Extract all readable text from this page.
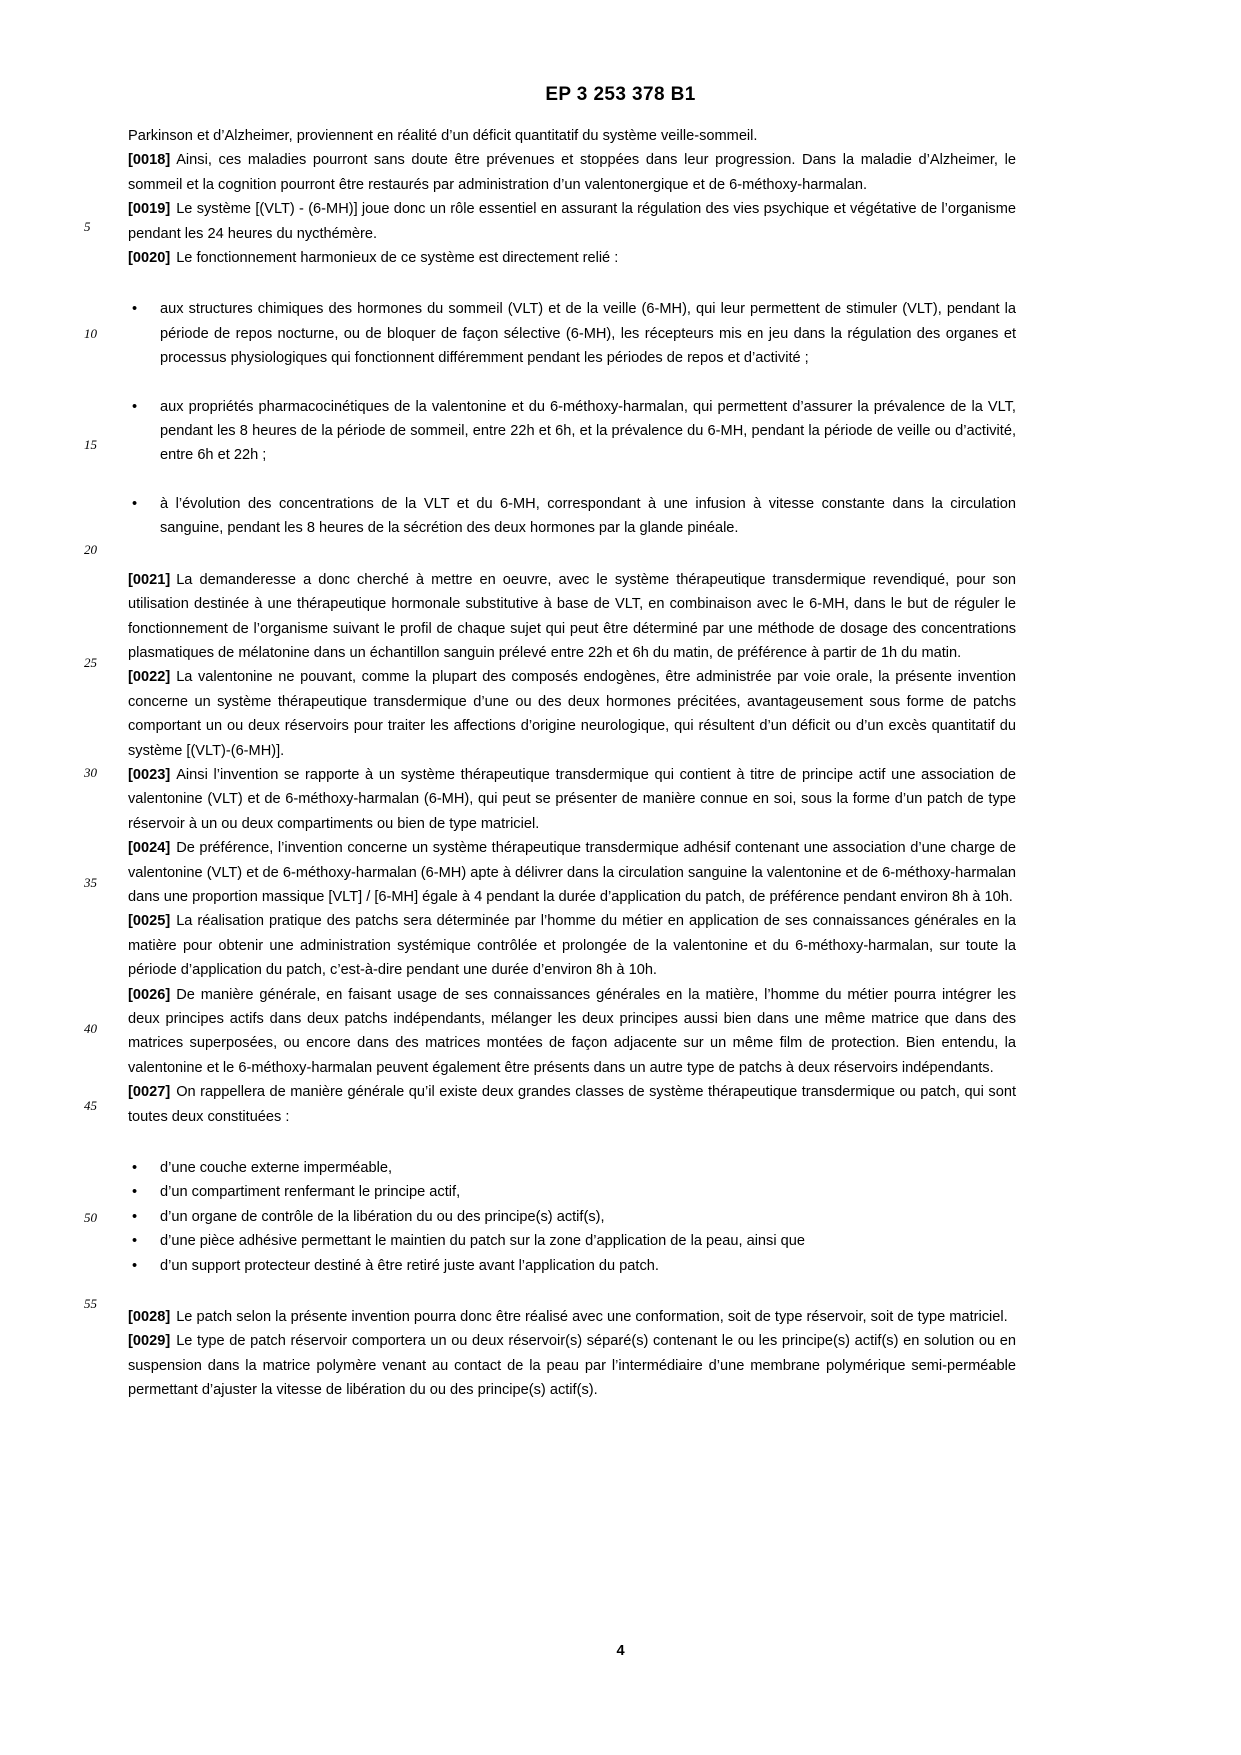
EP 3 253 378 B1
5
10
15
20
25
30
35
40
45
50
55

Parkinson et d’Alzheimer, proviennent en réalité d’un déficit quantitatif du système veille-sommeil.

[0018] Ainsi, ces maladies pourront sans doute être prévenues et stoppées dans leur progression. Dans la maladie d’Alzheimer, le sommeil et la cognition pourront être restaurés par administration d’un valentonergique et de 6-méthoxy-harmalan.

[0019] Le système [(VLT) - (6-MH)] joue donc un rôle essentiel en assurant la régulation des vies psychique et végétative de l’organisme pendant les 24 heures du nycthémère.

[0020] Le fonctionnement harmonieux de ce système est directement relié :

• aux structures chimiques des hormones du sommeil (VLT) et de la veille (6-MH), qui leur permettent de stimuler (VLT), pendant la période de repos nocturne, ou de bloquer de façon sélective (6-MH), les récepteurs mis en jeu dans la régulation des organes et processus physiologiques qui fonctionnent différemment pendant les périodes de repos et d’activité ;
• aux propriétés pharmacocinétiques de la valentonine et du 6-méthoxy-harmalan, qui permettent d’assurer la prévalence de la VLT, pendant les 8 heures de la période de sommeil, entre 22h et 6h, et la prévalence du 6-MH, pendant la période de veille ou d’activité, entre 6h et 22h ;
• à l’évolution des concentrations de la VLT et du 6-MH, correspondant à une infusion à vitesse constante dans la circulation sanguine, pendant les 8 heures de la sécrétion des deux hormones par la glande pinéale.

[0021] La demanderesse a donc cherché à mettre en oeuvre, avec le système thérapeutique transdermique revendiqué, pour son utilisation destinée à une thérapeutique hormonale substitutive à base de VLT, en combinaison avec le 6-MH, dans le but de réguler le fonctionnement de l’organisme suivant le profil de chaque sujet qui peut être déterminé par une méthode de dosage des concentrations plasmatiques de mélatonine dans un échantillon sanguin prélevé entre 22h et 6h du matin, de préférence à partir de 1h du matin.

[0022] La valentonine ne pouvant, comme la plupart des composés endogènes, être administrée par voie orale, la présente invention concerne un système thérapeutique transdermique d’une ou des deux hormones précitées, avantageusement sous forme de patchs comportant un ou deux réservoirs pour traiter les affections d’origine neurologique, qui résultent d’un déficit ou d’un excès quantitatif du système [(VLT)-(6-MH)].

[0023] Ainsi l’invention se rapporte à un système thérapeutique transdermique qui contient à titre de principe actif une association de valentonine (VLT) et de 6-méthoxy-harmalan (6-MH), qui peut se présenter de manière connue en soi, sous la forme d’un patch de type réservoir à un ou deux compartiments ou bien de type matriciel.

[0024] De préférence, l’invention concerne un système thérapeutique transdermique adhésif contenant une association d’une charge de valentonine (VLT) et de 6-méthoxy-harmalan (6-MH) apte à délivrer dans la circulation sanguine la valentonine et de 6-méthoxy-harmalan dans une proportion massique [VLT] / [6-MH] égale à 4 pendant la durée d’application du patch, de préférence pendant environ 8h à 10h.

[0025] La réalisation pratique des patchs sera déterminée par l’homme du métier en application de ses connaissances générales en la matière pour obtenir une administration systémique contrôlée et prolongée de la valentonine et du 6-méthoxy-harmalan, sur toute la période d’application du patch, c’est-à-dire pendant une durée d’environ 8h à 10h.

[0026] De manière générale, en faisant usage de ses connaissances générales en la matière, l’homme du métier pourra intégrer les deux principes actifs dans deux patchs indépendants, mélanger les deux principes aussi bien dans une même matrice que dans des matrices superposées, ou encore dans des matrices montées de façon adjacente sur un même film de protection. Bien entendu, la valentonine et le 6-méthoxy-harmalan peuvent également être présents dans un autre type de patchs à deux réservoirs indépendants.

[0027] On rappellera de manière générale qu’il existe deux grandes classes de système thérapeutique transdermique ou patch, qui sont toutes deux constituées :

• d’une couche externe imperméable,
• d’un compartiment renfermant le principe actif,
• d’un organe de contrôle de la libération du ou des principe(s) actif(s),
• d’une pièce adhésive permettant le maintien du patch sur la zone d’application de la peau, ainsi que
• d’un support protecteur destiné à être retiré juste avant l’application du patch.

[0028] Le patch selon la présente invention pourra donc être réalisé avec une conformation, soit de type réservoir, soit de type matriciel.

[0029] Le type de patch réservoir comportera un ou deux réservoir(s) séparé(s) contenant le ou les principe(s) actif(s) en solution ou en suspension dans la matrice polymère venant au contact de la peau par l’intermédiaire d’une membrane polymérique semi-perméable permettant d’ajuster la vitesse de libération du ou des principe(s) actif(s).

4
